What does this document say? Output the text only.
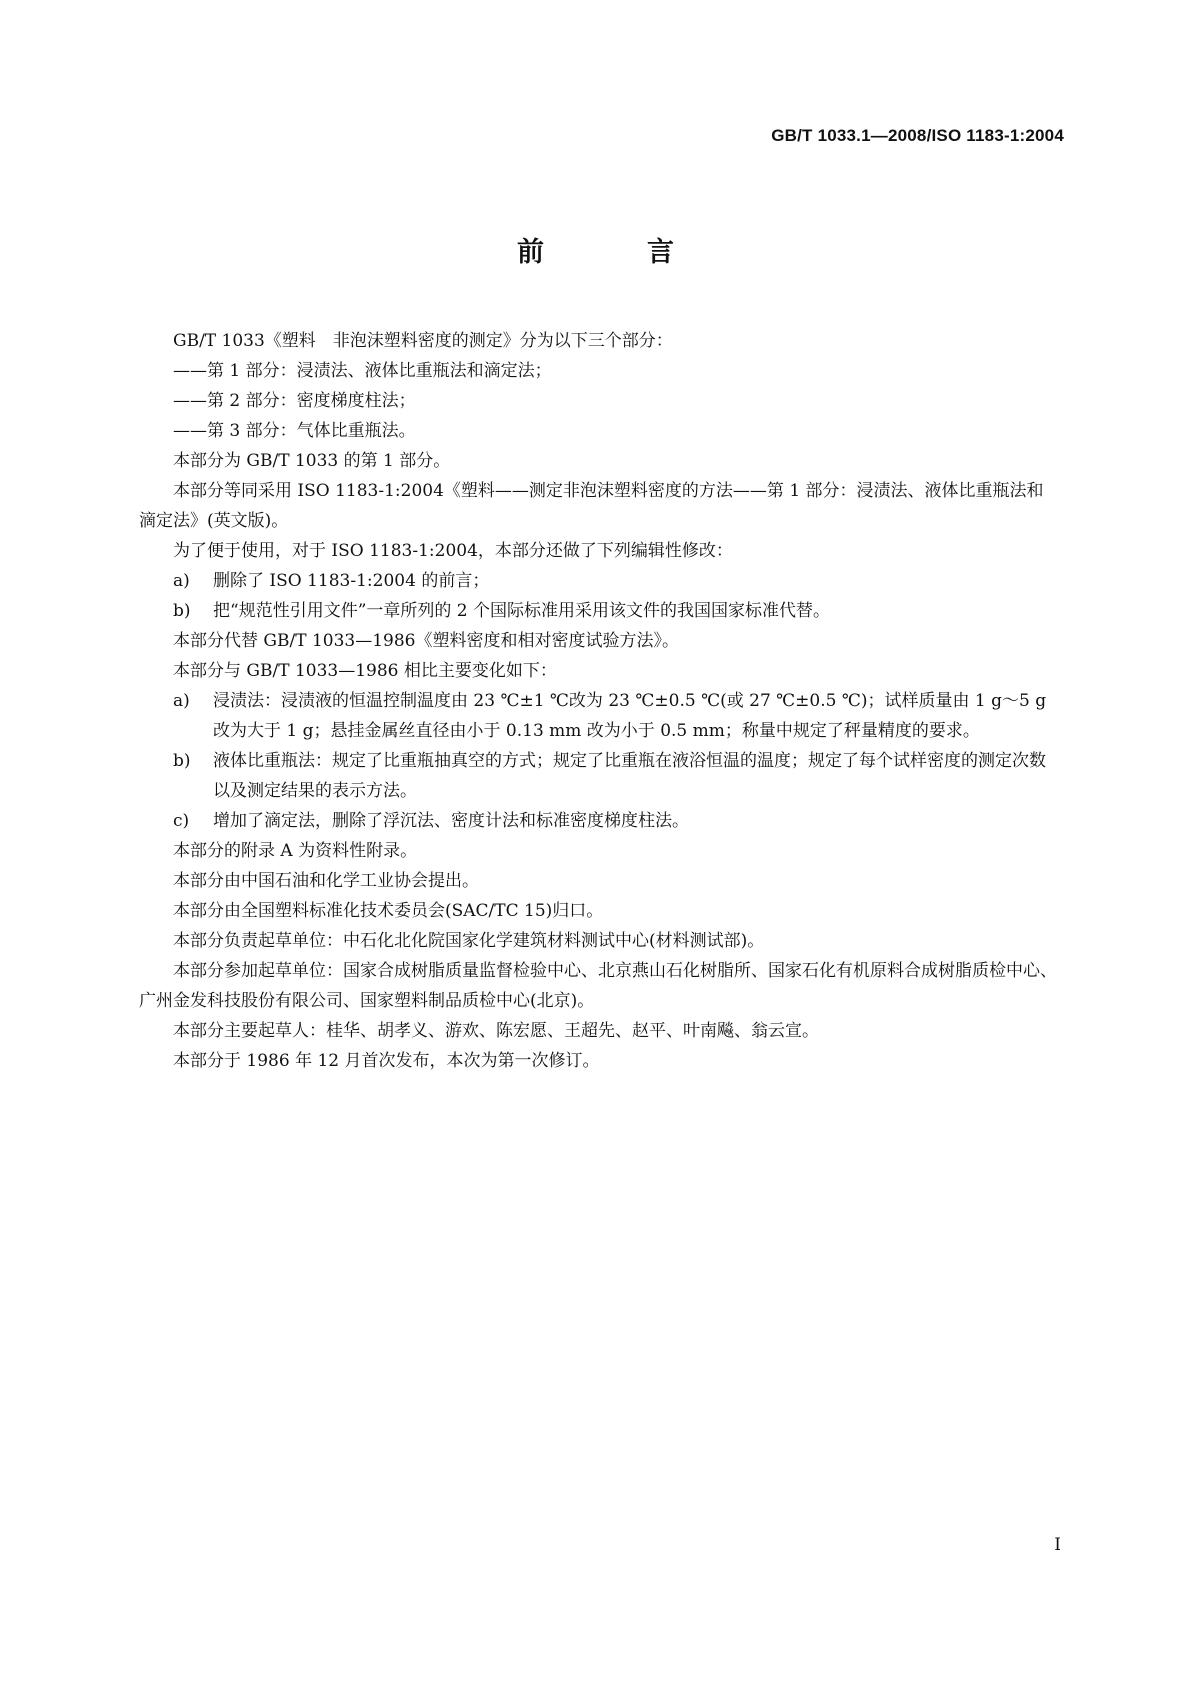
GB/T 1033.1—2008/ISO 1183-1:2004
前　言

GB/T 1033《塑料　非泡沫塑料密度的测定》分为以下三个部分：

——第 1 部分：浸渍法、液体比重瓶法和滴定法；

——第 2 部分：密度梯度柱法；

——第 3 部分：气体比重瓶法。

本部分为 GB/T 1033 的第 1 部分。

本部分等同采用 ISO 1183-1:2004《塑料——测定非泡沫塑料密度的方法——第 1 部分：浸渍法、液体比重瓶法和滴定法》(英文版)。

为了便于使用，对于 ISO 1183-1:2004，本部分还做了下列编辑性修改：

a) 删除了 ISO 1183-1:2004 的前言；
b) 把“规范性引用文件”一章所列的 2 个国际标准用采用该文件的我国国家标准代替。

本部分代替 GB/T 1033—1986《塑料密度和相对密度试验方法》。

本部分与 GB/T 1033—1986 相比主要变化如下：

a) 浸渍法：浸渍液的恒温控制温度由 23 ℃±1 ℃改为 23 ℃±0.5 ℃(或 27 ℃±0.5 ℃)；试样质量由 1 g～5 g 改为大于 1 g；悬挂金属丝直径由小于 0.13 mm 改为小于 0.5 mm；称量中规定了秤量精度的要求。
b) 液体比重瓶法：规定了比重瓶抽真空的方式；规定了比重瓶在液浴恒温的温度；规定了每个试样密度的测定次数以及测定结果的表示方法。
c) 增加了滴定法，删除了浮沉法、密度计法和标准密度梯度柱法。

本部分的附录 A 为资料性附录。

本部分由中国石油和化学工业协会提出。

本部分由全国塑料标准化技术委员会(SAC/TC 15)归口。

本部分负责起草单位：中石化北化院国家化学建筑材料测试中心(材料测试部)。

本部分参加起草单位：国家合成树脂质量监督检验中心、北京燕山石化树脂所、国家石化有机原料合成树脂质检中心、广州金发科技股份有限公司、国家塑料制品质检中心(北京)。

本部分主要起草人：桂华、胡孝义、游欢、陈宏愿、王超先、赵平、叶南飚、翁云宣。

本部分于 1986 年 12 月首次发布，本次为第一次修订。

I
